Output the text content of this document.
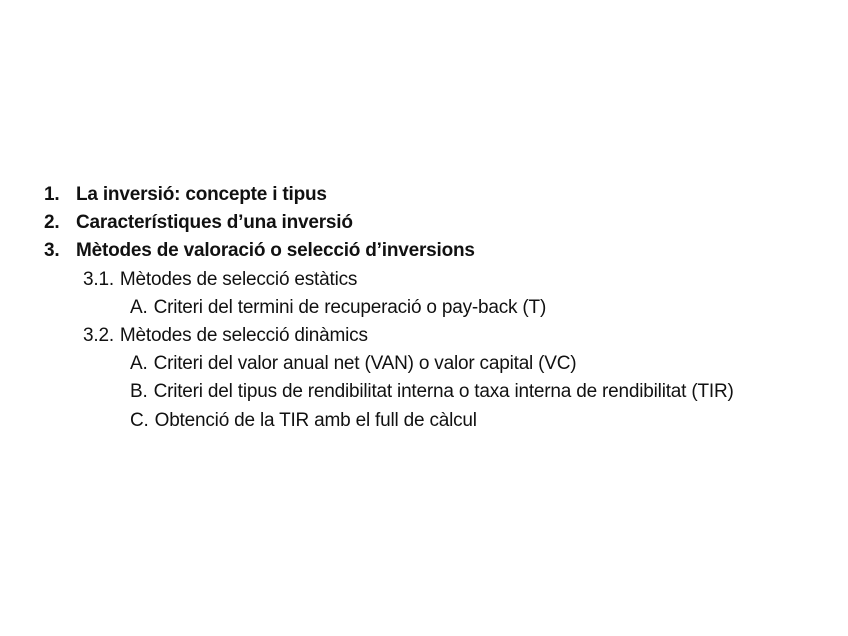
1. La inversió: concepte i tipus
2. Característiques d’una inversió
3. Mètodes de valoració o selecció d’inversions
3.1. Mètodes de selecció estàtics
A. Criteri del termini de recuperació o pay-back (T)
3.2. Mètodes de selecció dinàmics
A. Criteri del valor anual net (VAN) o valor capital (VC)
B. Criteri del tipus de rendibilitat interna o taxa interna de rendibilitat (TIR)
C. Obtenció de la TIR amb el full de càlcul
